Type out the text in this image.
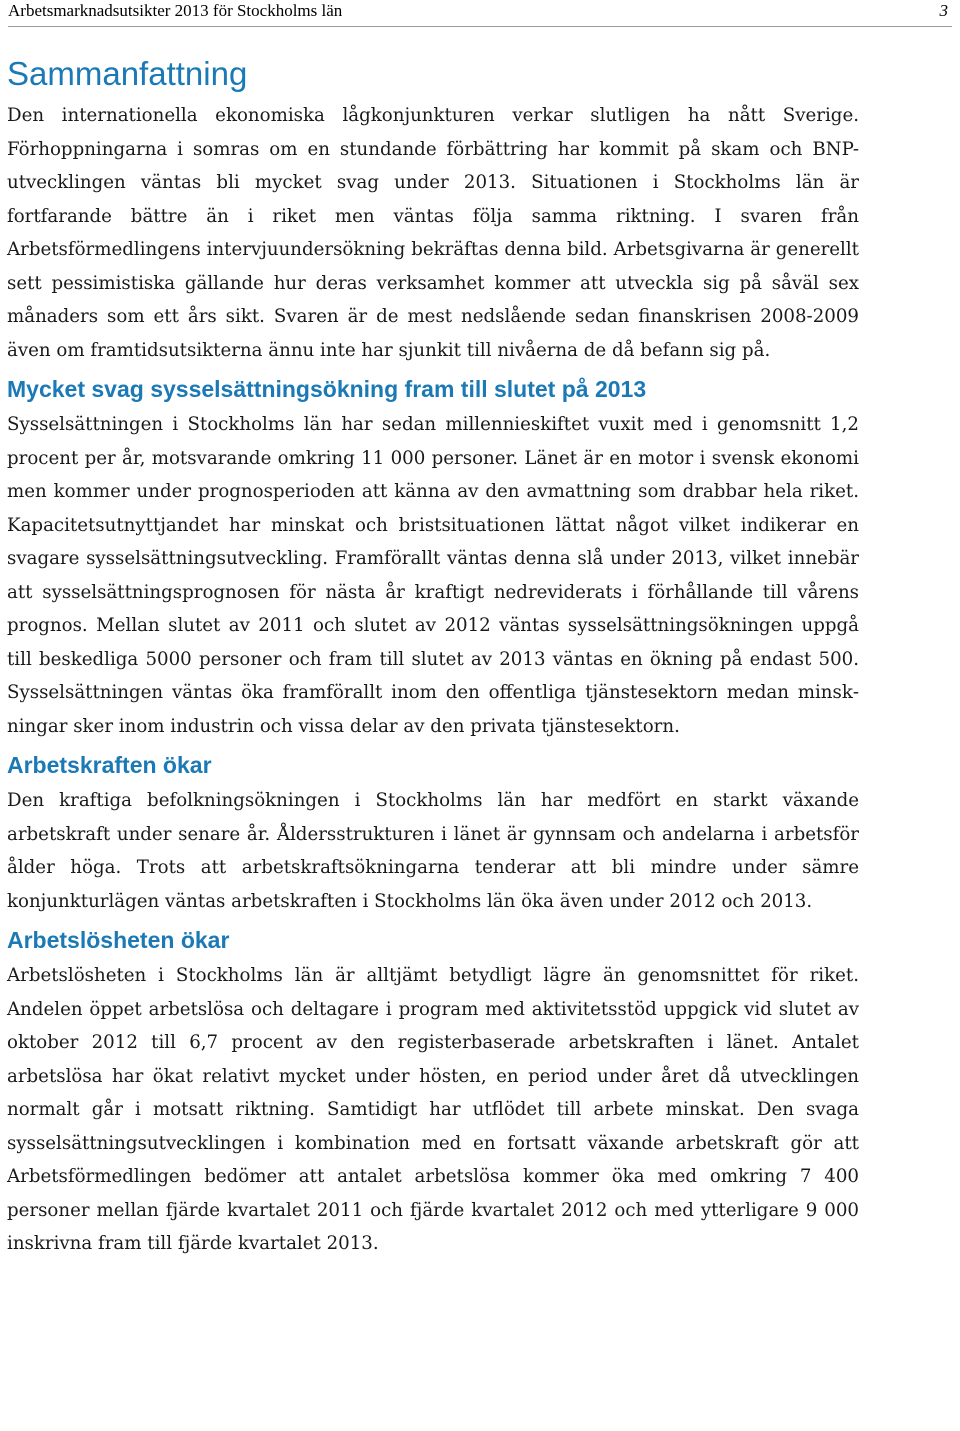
Arbetsmarknadsutsikter 2013 för Stockholms län	3
Sammanfattning

Den internationella ekonomiska lågkonjunkturen verkar slutligen ha nått Sverige. Förhoppningarna i somras om en stundande förbättring har kommit på skam och BNP-utvecklingen väntas bli mycket svag under 2013. Situationen i Stockholms län är fortfarande bättre än i riket men väntas följa samma riktning. I svaren från Arbetsförmedlingens intervjuundersökning bekräftas denna bild. Arbetsgivarna är generellt sett pessimistiska gällande hur deras verksamhet kommer att utveckla sig på såväl sex månaders som ett års sikt. Svaren är de mest nedslående sedan finanskrisen 2008-2009 även om framtidsutsikterna ännu inte har sjunkit till nivåerna de då befann sig på.

Mycket svag sysselsättningsökning fram till slutet på 2013

Sysselsättningen i Stockholms län har sedan millennieskiftet vuxit med i genomsnitt 1,2 procent per år, motsvarande omkring 11 000 personer. Länet är en motor i svensk ekonomi men kommer under prognosperioden att känna av den avmattning som drabbar hela riket. Kapacitetsutnyttjandet har minskat och bristsituationen lättat något vilket indikerar en svagare sysselsättningsutveckling. Framförallt väntas denna slå under 2013, vilket innebär att sysselsättningsprognosen för nästa år kraftigt nedreviderats i förhållande till vårens prognos. Mellan slutet av 2011 och slutet av 2012 väntas sysselsättningsökningen uppgå till beskedliga 5000 personer och fram till slutet av 2013 väntas en ökning på endast 500. Sysselsättningen väntas öka framförallt inom den offentliga tjänstesektorn medan minskningar sker inom industrin och vissa delar av den privata tjänstesektorn.

Arbetskraften ökar

Den kraftiga befolkningsökningen i Stockholms län har medfört en starkt växande arbetskraft under senare år. Åldersstrukturen i länet är gynnsam och andelarna i arbetsför ålder höga. Trots att arbetskraftsökningarna tenderar att bli mindre under sämre konjunkturlägen väntas arbetskraften i Stockholms län öka även under 2012 och 2013.

Arbetslösheten ökar

Arbetslösheten i Stockholms län är alltjämt betydligt lägre än genomsnittet för riket. Andelen öppet arbetslösa och deltagare i program med aktivitetsstöd uppgick vid slutet av oktober 2012 till 6,7 procent av den registerbaserade arbetskraften i länet. Antalet arbetslösa har ökat relativt mycket under hösten, en period under året då utvecklingen normalt går i motsatt riktning. Samtidigt har utflödet till arbete minskat. Den svaga sysselsättningsutvecklingen i kombination med en fortsatt växande arbetskraft gör att Arbetsförmedlingen bedömer att antalet arbetslösa kommer öka med omkring 7 400 personer mellan fjärde kvartalet 2011 och fjärde kvartalet 2012 och med ytterligare 9 000 inskrivna fram till fjärde kvartalet 2013.
